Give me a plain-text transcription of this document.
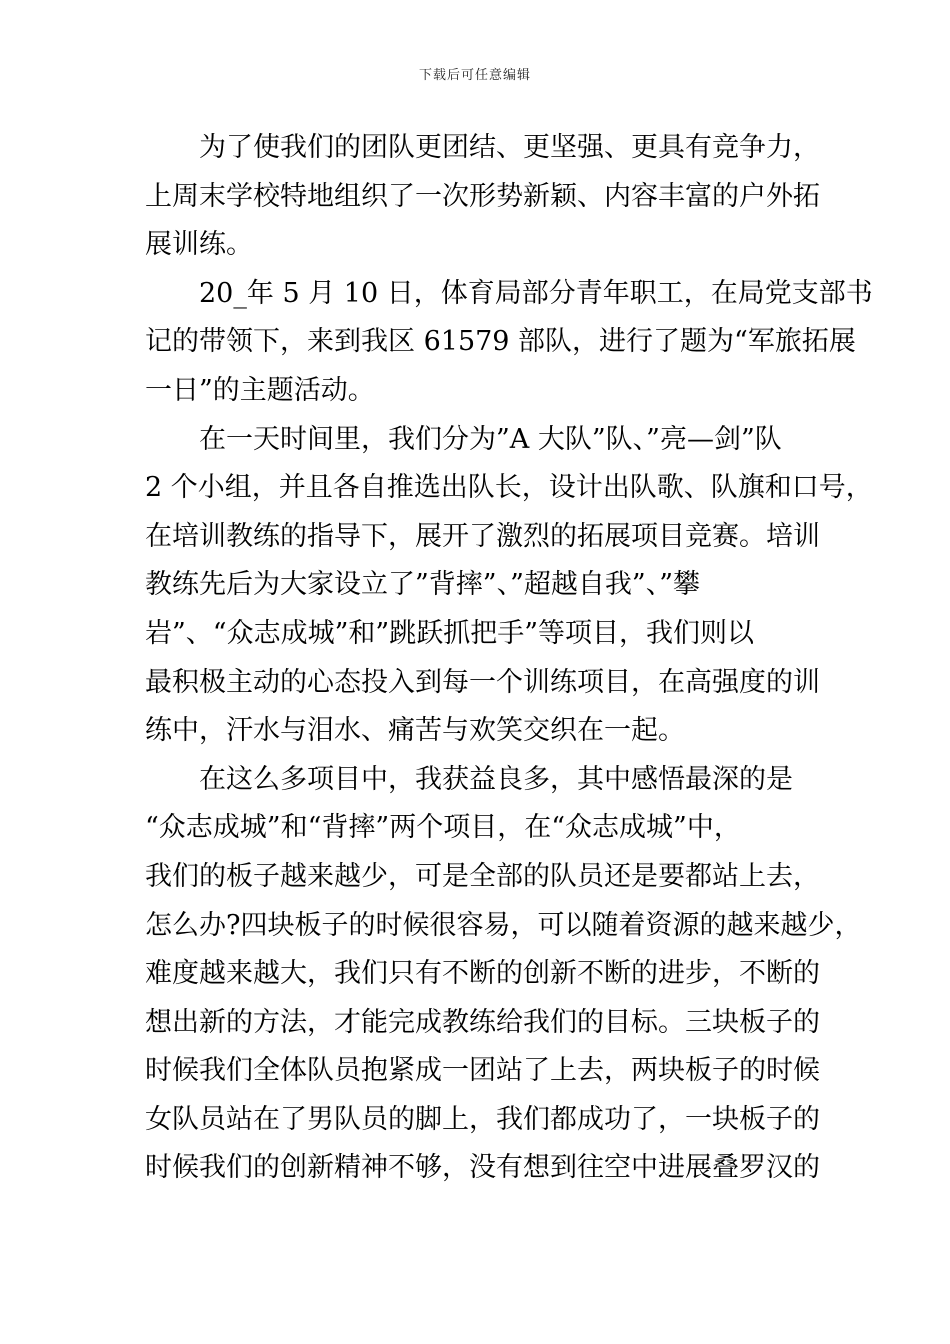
下载后可任意编辑
为了使我们的团队更团结、更坚强、更具有竞争力，
上周末学校特地组织了一次形势新颖、内容丰富的户外拓
展训练。
20_年 5 月 10 日，体育局部分青年职工，在局党支部书
记的带领下，来到我区 61579 部队，进行了题为“军旅拓展
一日”的主题活动。
在一天时间里，我们分为”A 大队”队、”亮—剑”队
2 个小组，并且各自推选出队长，设计出队歌、队旗和口号，
在培训教练的指导下，展开了激烈的拓展项目竞赛。培训
教练先后为大家设立了”背摔”、”超越自我”、”攀
岩”、“众志成城”和”跳跃抓把手”等项目，我们则以
最积极主动的心态投入到每一个训练项目，在高强度的训
练中，汗水与泪水、痛苦与欢笑交织在一起。
在这么多项目中，我获益良多，其中感悟最深的是
“众志成城”和“背摔”两个项目，在“众志成城”中，
我们的板子越来越少，可是全部的队员还是要都站上去，
怎么办?四块板子的时候很容易，可以随着资源的越来越少，
难度越来越大，我们只有不断的创新不断的进步，不断的
想出新的方法，才能完成教练给我们的目标。三块板子的
时候我们全体队员抱紧成一团站了上去，两块板子的时候
女队员站在了男队员的脚上，我们都成功了，一块板子的
时候我们的创新精神不够，没有想到往空中进展叠罗汉的
